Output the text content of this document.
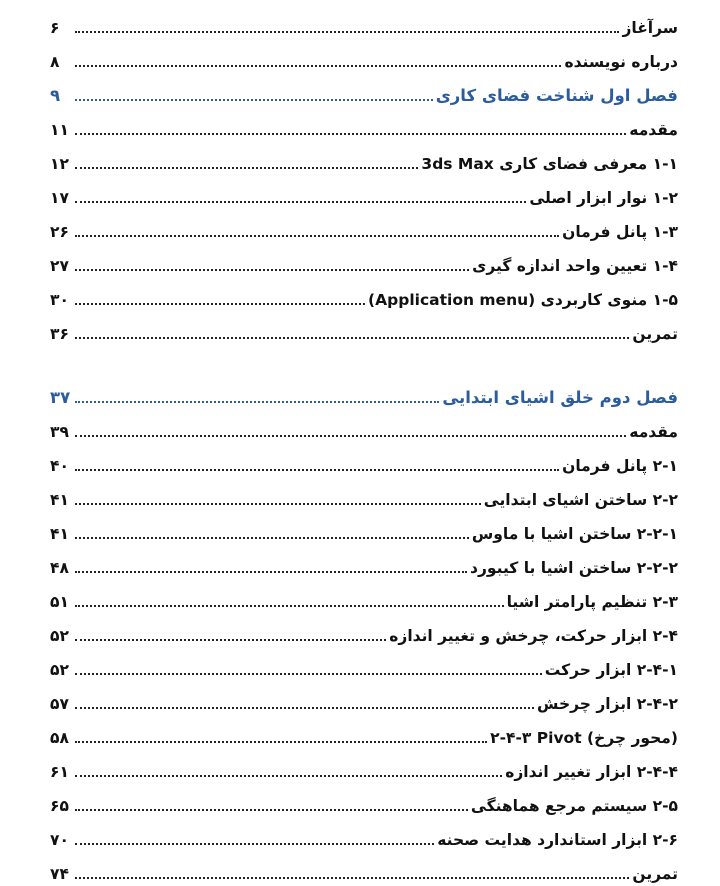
سرآغاز
۶
درباره نویسنده
۸
فصل اول شناخت فضای کاری
۹
مقدمه
۱۱
۱-۱ معرفی فضای کاری 3ds Max
۱۲
۱-۲ نوار ابزار اصلی
۱۷
۱-۳ پانل فرمان
۲۶
۱-۴ تعیین واحد اندازه گیری
۲۷
۱-۵ منوی کاربردی (Application menu)
۳۰
تمرین
۳۶
فصل دوم خلق اشیای ابتدایی
۳۷
مقدمه
۳۹
۲-۱ پانل فرمان
۴۰
۲-۲ ساختن اشیای ابتدایی
۴۱
۲-۲-۱ ساختن اشیا با ماوس
۴۱
۲-۲-۲ ساختن اشیا با کیبورد
۴۸
۲-۳ تنظیم پارامتر اشیا
۵۱
۲-۴ ابزار حرکت، چرخش و تغییر اندازه
۵۲
۲-۴-۱ ابزار حرکت
۵۲
۲-۴-۲ ابزار چرخش
۵۷
۲-۴-۳ Pivot (محور چرخ)
۵۸
۲-۴-۴ ابزار تغییر اندازه
۶۱
۲-۵ سیستم مرجع هماهنگی
۶۵
۲-۶ ابزار استاندارد هدایت صحنه
۷۰
تمرین
۷۴
